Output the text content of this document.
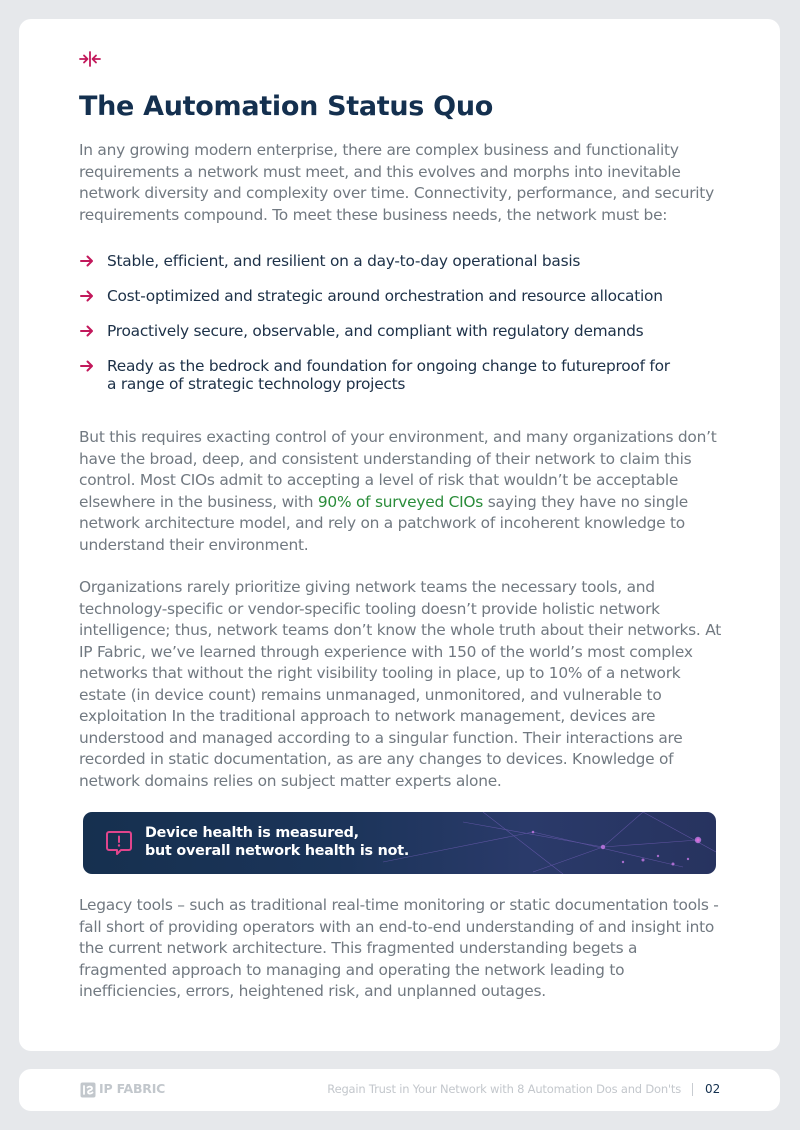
The Automation Status Quo

In any growing modern enterprise, there are complex business and functionality requirements a network must meet, and this evolves and morphs into inevitable network diversity and complexity over time. Connectivity, performance, and security requirements compound. To meet these business needs, the network must be:

Stable, efficient, and resilient on a day-to-day operational basis
Cost-optimized and strategic around orchestration and resource allocation
Proactively secure, observable, and compliant with regulatory demands
Ready as the bedrock and foundation for ongoing change to futureproof for a range of strategic technology projects

But this requires exacting control of your environment, and many organizations don’t have the broad, deep, and consistent understanding of their network to claim this control. Most CIOs admit to accepting a level of risk that wouldn’t be acceptable elsewhere in the business, with 90% of surveyed CIOs saying they have no single network architecture model, and rely on a patchwork of incoherent knowledge to understand their environment.

Organizations rarely prioritize giving network teams the necessary tools, and technology-specific or vendor-specific tooling doesn’t provide holistic network intelligence; thus, network teams don’t know the whole truth about their networks. At IP Fabric, we’ve learned through experience with 150 of the world’s most complex networks that without the right visibility tooling in place, up to 10% of a network estate (in device count) remains unmanaged, unmonitored, and vulnerable to exploitation In the traditional approach to network management, devices are understood and managed according to a singular function. Their interactions are recorded in static documentation, as are any changes to devices. Knowledge of network domains relies on subject matter experts alone.

Device health is measured,
but overall network health is not.

Legacy tools – such as traditional real-time monitoring or static documentation tools - fall short of providing operators with an end-to-end understanding of and insight into the current network architecture. This fragmented understanding begets a fragmented approach to managing and operating the network leading to inefficiencies, errors, heightened risk, and unplanned outages.

IP FABRIC	Regain Trust in Your Network with 8 Automation Dos and Don'ts 02
